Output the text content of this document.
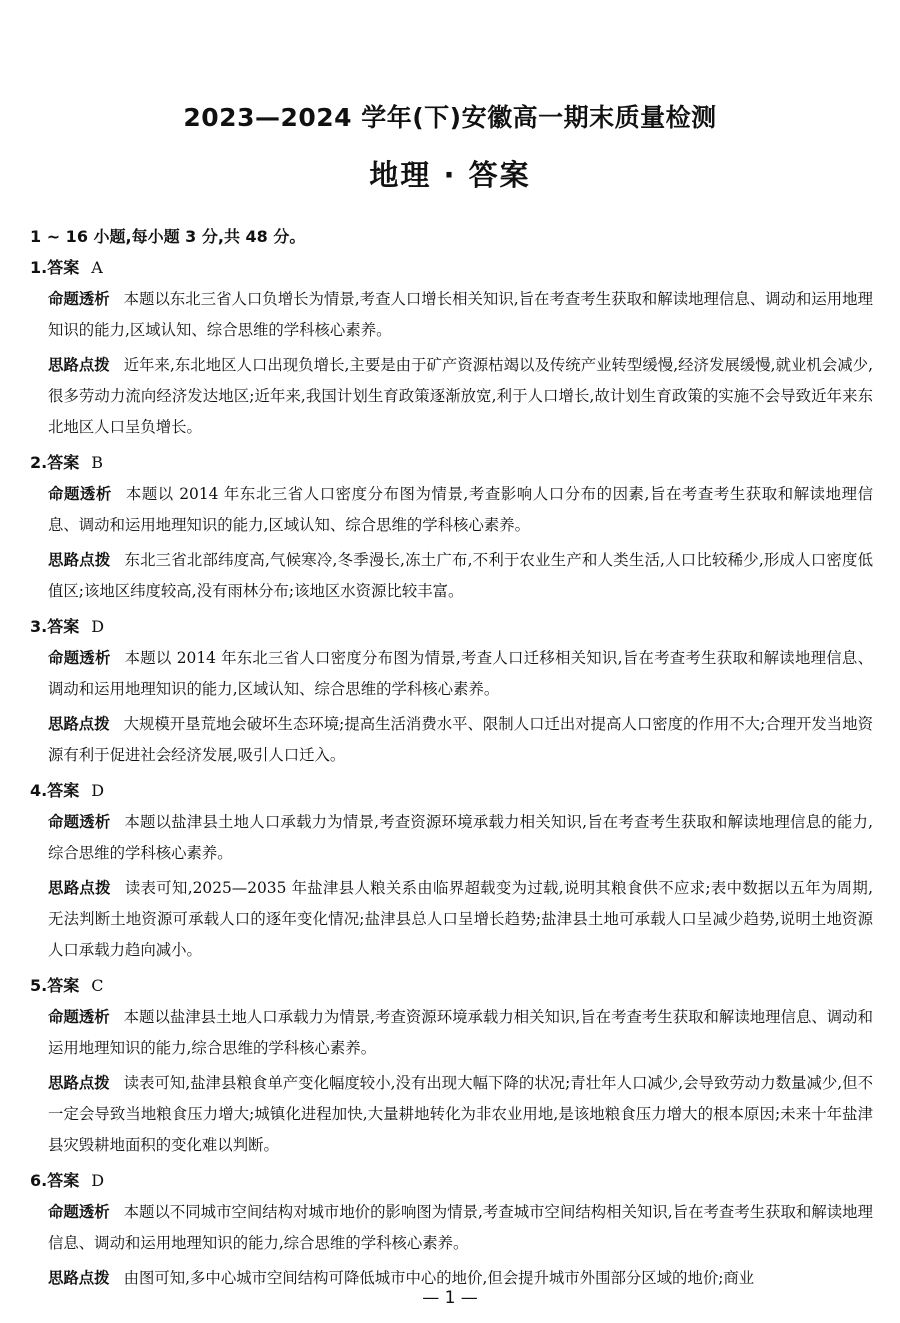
2023—2024 学年(下)安徽高一期末质量检测
地理 · 答案
1 ~ 16 小题,每小题 3 分,共 48 分。
1.答案 A
命题透析 本题以东北三省人口负增长为情景,考查人口增长相关知识,旨在考查考生获取和解读地理信息、调动和运用地理知识的能力,区域认知、综合思维的学科核心素养。
思路点拨 近年来,东北地区人口出现负增长,主要是由于矿产资源枯竭以及传统产业转型缓慢,经济发展缓慢,就业机会减少,很多劳动力流向经济发达地区;近年来,我国计划生育政策逐渐放宽,利于人口增长,故计划生育政策的实施不会导致近年来东北地区人口呈负增长。
2.答案 B
命题透析 本题以 2014 年东北三省人口密度分布图为情景,考查影响人口分布的因素,旨在考查考生获取和解读地理信息、调动和运用地理知识的能力,区域认知、综合思维的学科核心素养。
思路点拨 东北三省北部纬度高,气候寒冷,冬季漫长,冻土广布,不利于农业生产和人类生活,人口比较稀少,形成人口密度低值区;该地区纬度较高,没有雨林分布;该地区水资源比较丰富。
3.答案 D
命题透析 本题以 2014 年东北三省人口密度分布图为情景,考查人口迁移相关知识,旨在考查考生获取和解读地理信息、调动和运用地理知识的能力,区域认知、综合思维的学科核心素养。
思路点拨 大规模开垦荒地会破坏生态环境;提高生活消费水平、限制人口迁出对提高人口密度的作用不大;合理开发当地资源有利于促进社会经济发展,吸引人口迁入。
4.答案 D
命题透析 本题以盐津县土地人口承载力为情景,考查资源环境承载力相关知识,旨在考查考生获取和解读地理信息的能力,综合思维的学科核心素养。
思路点拨 读表可知,2025—2035 年盐津县人粮关系由临界超载变为过载,说明其粮食供不应求;表中数据以五年为周期,无法判断土地资源可承载人口的逐年变化情况;盐津县总人口呈增长趋势;盐津县土地可承载人口呈减少趋势,说明土地资源人口承载力趋向减小。
5.答案 C
命题透析 本题以盐津县土地人口承载力为情景,考查资源环境承载力相关知识,旨在考查考生获取和解读地理信息、调动和运用地理知识的能力,综合思维的学科核心素养。
思路点拨 读表可知,盐津县粮食单产变化幅度较小,没有出现大幅下降的状况;青壮年人口减少,会导致劳动力数量减少,但不一定会导致当地粮食压力增大;城镇化进程加快,大量耕地转化为非农业用地,是该地粮食压力增大的根本原因;未来十年盐津县灾毁耕地面积的变化难以判断。
6.答案 D
命题透析 本题以不同城市空间结构对城市地价的影响图为情景,考查城市空间结构相关知识,旨在考查考生获取和解读地理信息、调动和运用地理知识的能力,综合思维的学科核心素养。
思路点拨 由图可知,多中心城市空间结构可降低城市中心的地价,但会提升城市外围部分区域的地价;商业
— 1 —
